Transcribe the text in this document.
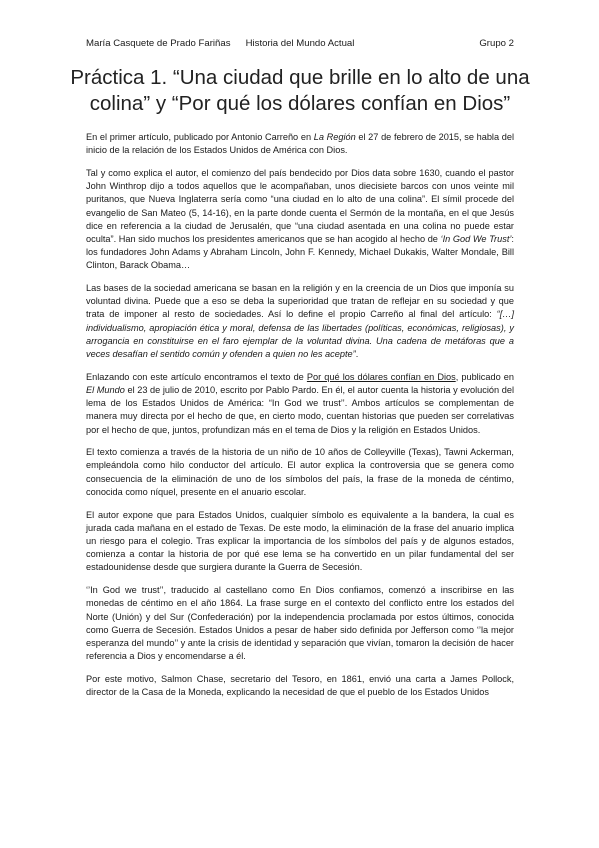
María Casquete de Prado Fariñas	Historia del Mundo Actual	Grupo 2
Práctica 1. “Una ciudad que brille en lo alto de una colina” y “Por qué los dólares confían en Dios”

En el primer artículo, publicado por Antonio Carreño en La Región el 27 de febrero de 2015, se habla del inicio de la relación de los Estados Unidos de América con Dios.

Tal y como explica el autor, el comienzo del país bendecido por Dios data sobre 1630, cuando el pastor John Winthrop dijo a todos aquellos que le acompañaban, unos diecisiete barcos con unos veinte mil puritanos, que Nueva Inglaterra sería como “una ciudad en lo alto de una colina”. El símil procede del evangelio de San Mateo (5, 14-16), en la parte donde cuenta el Sermón de la montaña, en el que Jesús dice en referencia a la ciudad de Jerusalén, que “una ciudad asentada en una colina no puede estar oculta”. Han sido muchos los presidentes americanos que se han acogido al hecho de ‘In God We Trust’: los fundadores John Adams y Abraham Lincoln, John F. Kennedy, Michael Dukakis, Walter Mondale, Bill Clinton, Barack Obama…

Las bases de la sociedad americana se basan en la religión y en la creencia de un Dios que imponía su voluntad divina. Puede que a eso se deba la superioridad que tratan de reflejar en su sociedad y que trata de imponer al resto de sociedades. Así lo define el propio Carreño al final del artículo: “[…] individualismo, apropiación ética y moral, defensa de las libertades (políticas, económicas, religiosas), y arrogancia en constituirse en el faro ejemplar de la voluntad divina. Una cadena de metáforas que a veces desafían el sentido común y ofenden a quien no les acepte”.

Enlazando con este artículo encontramos el texto de Por qué los dólares confían en Dios, publicado en El Mundo el 23 de julio de 2010, escrito por Pablo Pardo. En él, el autor cuenta la historia y evolución del lema de los Estados Unidos de América: “In God we trust’’. Ambos artículos se complementan de manera muy directa por el hecho de que, en cierto modo, cuentan historias que pueden ser correlativas por el hecho de que, juntos, profundizan más en el tema de Dios y la religión en Estados Unidos.

El texto comienza a través de la historia de un niño de 10 años de Colleyville (Texas), Tawni Ackerman, empleándola como hilo conductor del artículo. El autor explica la controversia que se genera como consecuencia de la eliminación de uno de los símbolos del país, la frase de la moneda de céntimo, conocida como níquel, presente en el anuario escolar.

El autor expone que para Estados Unidos, cualquier símbolo es equivalente a la bandera, la cual es jurada cada mañana en el estado de Texas. De este modo, la eliminación de la frase del anuario implica un riesgo para el colegio. Tras explicar la importancia de los símbolos del país y de algunos estados, comienza a contar la historia de por qué ese lema se ha convertido en un pilar fundamental del ser estadounidense desde que surgiera durante la Guerra de Secesión.

‘’In God we trust’’, traducido al castellano como En Dios confiamos, comenzó a inscribirse en las monedas de céntimo en el año 1864. La frase surge en el contexto del conflicto entre los estados del Norte (Unión) y del Sur (Confederación) por la independencia proclamada por estos últimos, conocida como Guerra de Secesión. Estados Unidos a pesar de haber sido definida por Jefferson como ‘’la mejor esperanza del mundo’’ y ante la crisis de identidad y separación que vivían, tomaron la decisión de hacer referencia a Dios y encomendarse a él.

Por este motivo, Salmon Chase, secretario del Tesoro, en 1861, envió una carta a James Pollock, director de la Casa de la Moneda, explicando la necesidad de que el pueblo de los Estados Unidos
